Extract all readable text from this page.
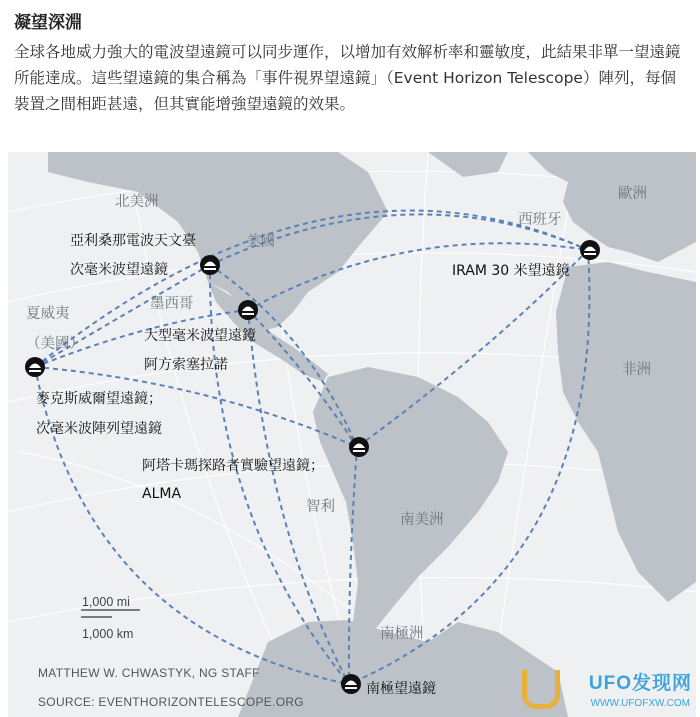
凝望深淵

全球各地威力強大的電波望遠鏡可以同步運作，以增加有效解析率和靈敏度，此結果非單一望遠鏡所能達成。這些望遠鏡的集合稱為「事件視界望遠鏡」（Event Horizon Telescope）陣列，每個裝置之間相距甚遠，但其實能增強望遠鏡的效果。

北美洲
美國
墨西哥
夏威夷
（美國）
西班牙
歐洲
非洲
智利
南美洲
南極洲
亞利桑那電波天文臺
次毫米波望遠鏡
大型毫米波望遠鏡
阿方索塞拉諾
IRAM 30 米望遠鏡
麥克斯威爾望遠鏡；
次毫米波陣列望遠鏡
阿塔卡瑪探路者實驗望遠鏡；
ALMA
南極望遠鏡
1,000 mi
1,000 km
MATTHEW W. CHWASTYK, NG STAFF
SOURCE: EVENTHORIZONTELESCOPE.ORG
UFO发现网
WWW.UFOFXW.COM
